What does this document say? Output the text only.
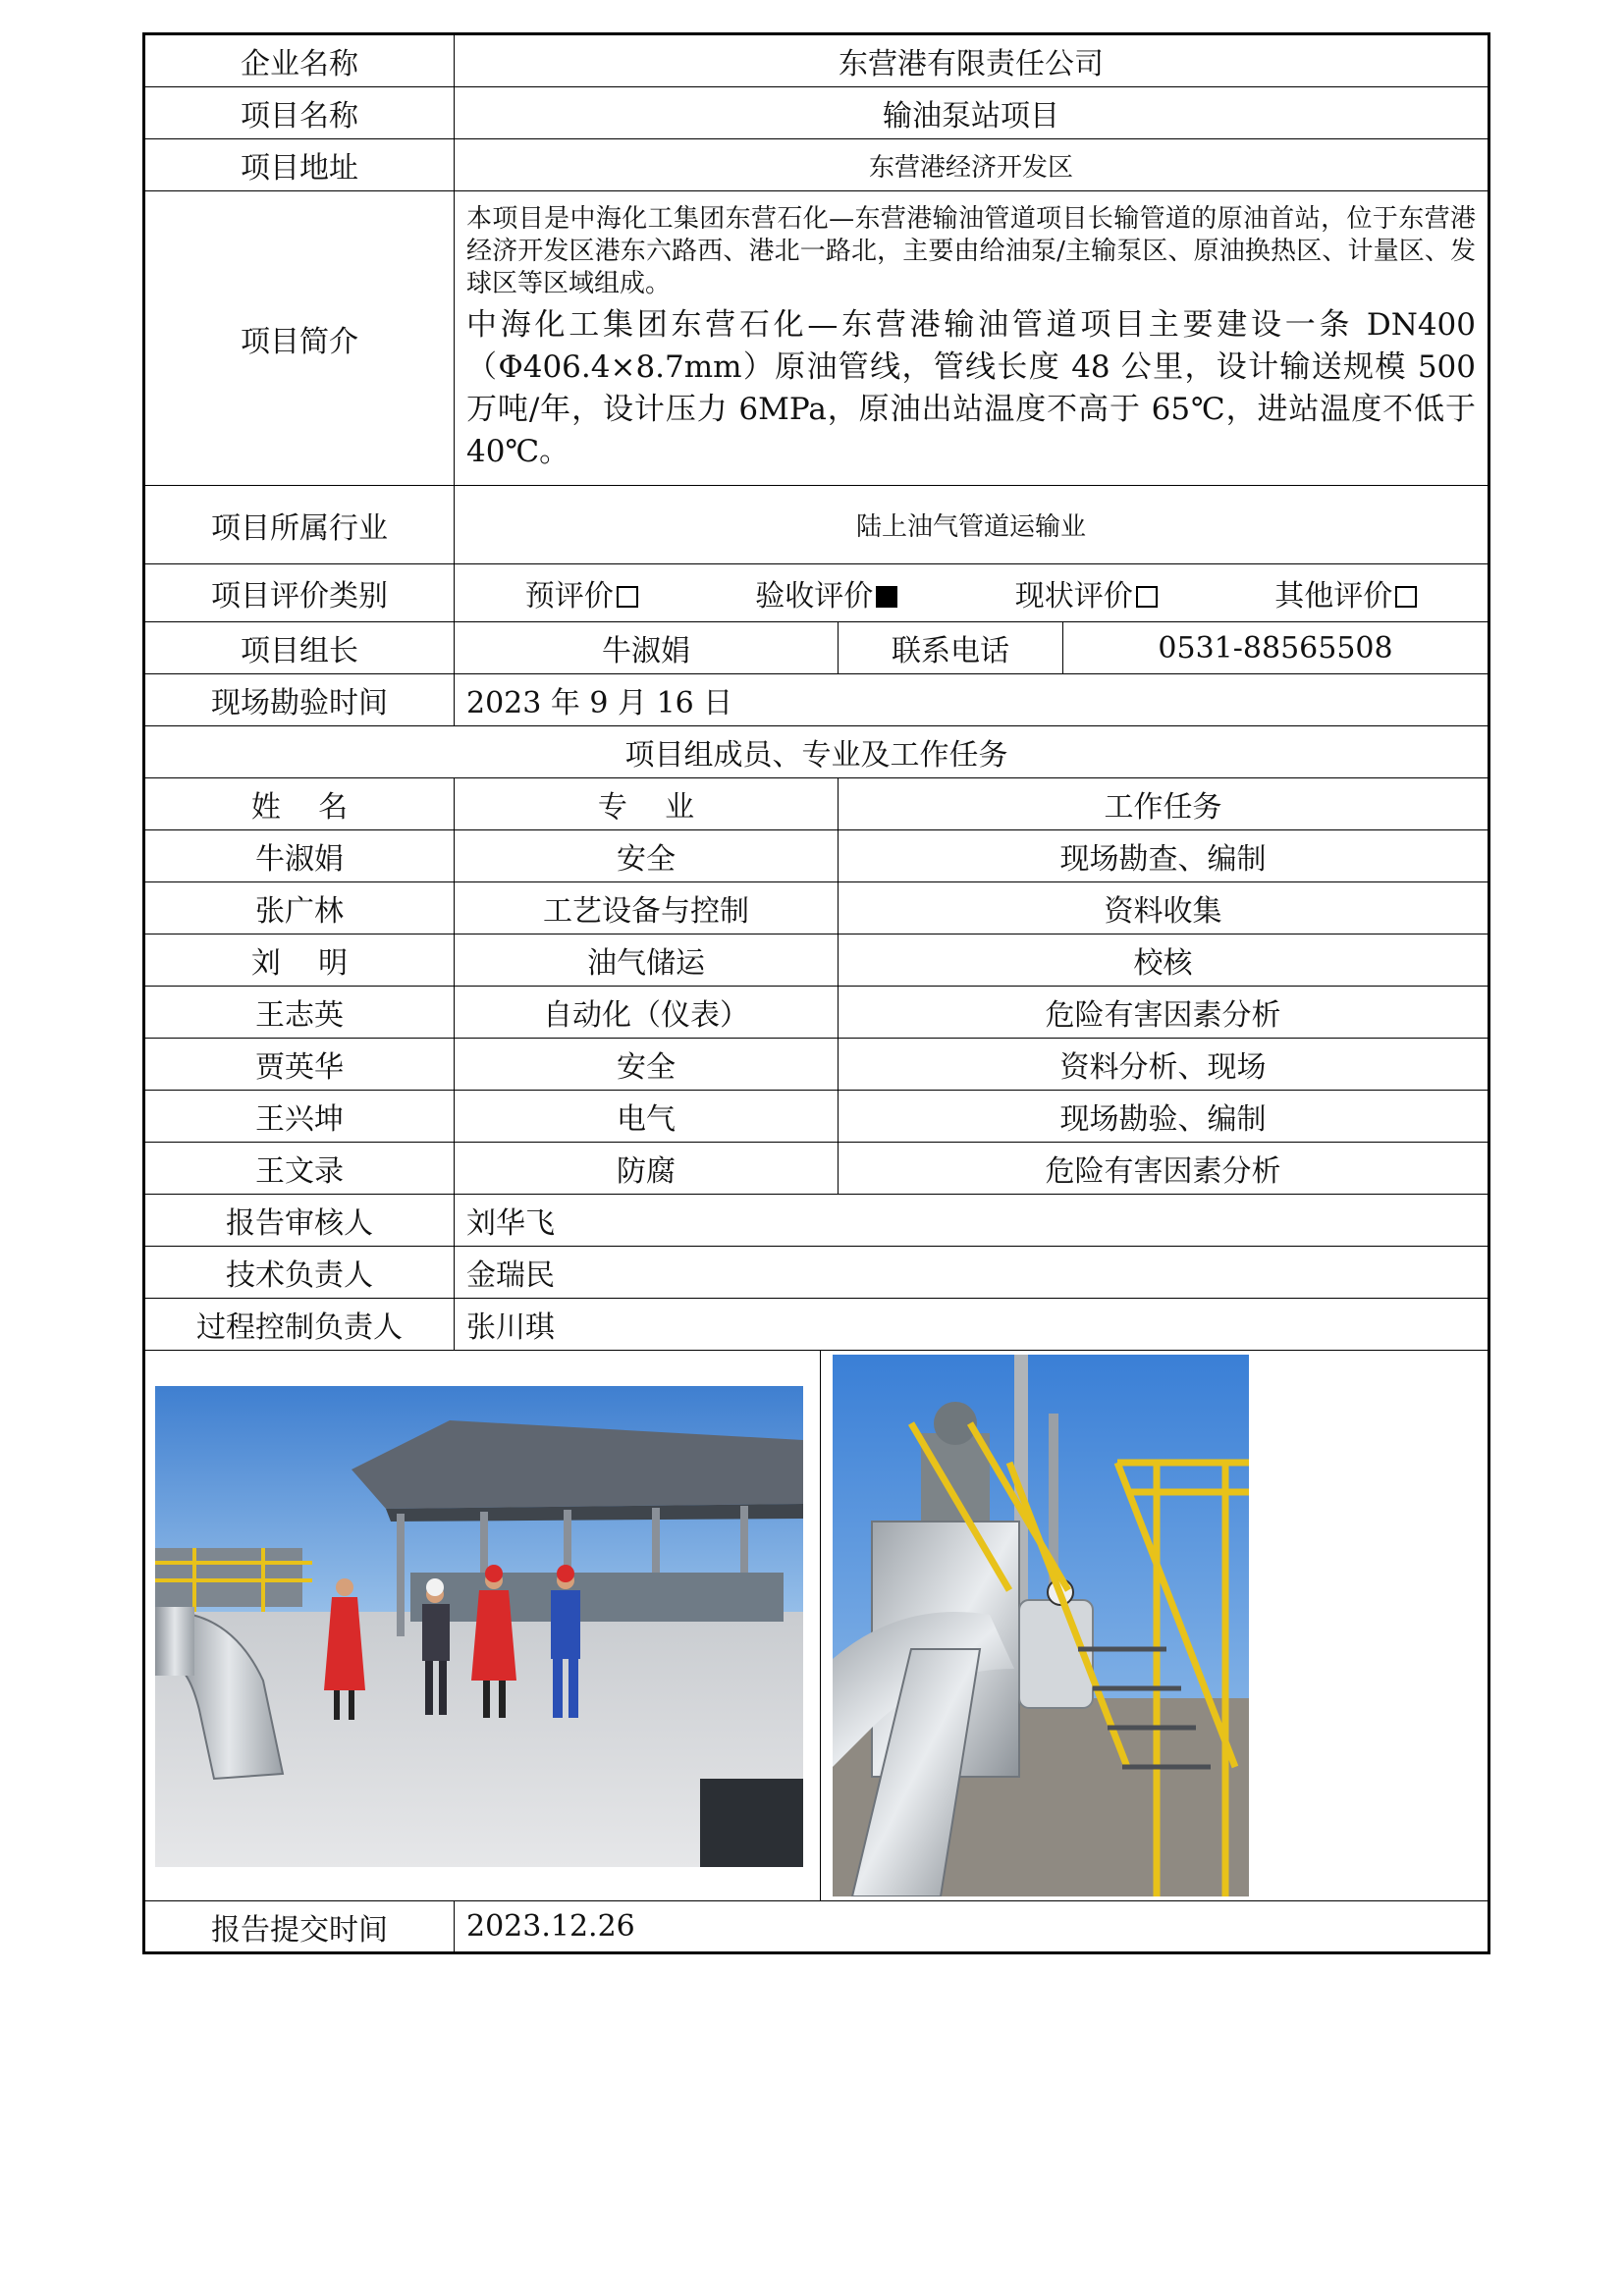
企业名称	东营港有限责任公司		
项目名称	输油泵站项目		
项目地址	东营港经济开发区		
项目简介	本项目是中海化工集团东营石化—东营港输油管道项目长输管道的原油首站，位于东营港经济开发区港东六路西、港北一路北，主要由给油泵/主输泵区、原油换热区、计量区、发球区等区域组成。
中海化工集团东营石化—东营港输油管道项目主要建设一条 DN400（Φ406.4×8.7mm）原油管线，管线长度 48 公里，设计输送规模 500 万吨/年，设计压力 6MPa，原油出站温度不高于 65℃，进站温度不低于 40℃。		

项目所属行业	陆上油气管道运输业		
项目评价类别	预评价 验收评价 现状评价 其他评价		

项目组长	牛淑娟	联系电话	0531-88565508
现场勘验时间	2023 年 9 月 16 日		
项目组成员、专业及工作任务			
姓    名	专    业	工作任务	
牛淑娟	安全	现场勘查、编制	
张广林	工艺设备与控制	资料收集	
刘    明	油气储运	校核	
王志英	自动化（仪表）	危险有害因素分析	
贾英华	安全	资料分析、现场	
王兴坤	电气	现场勘验、编制	
王文录	防腐	危险有害因素分析	
报告审核人	刘华飞		
技术负责人	金瑞民		
过程控制负责人	张川琪		

报告提交时间	2023.12.26		
